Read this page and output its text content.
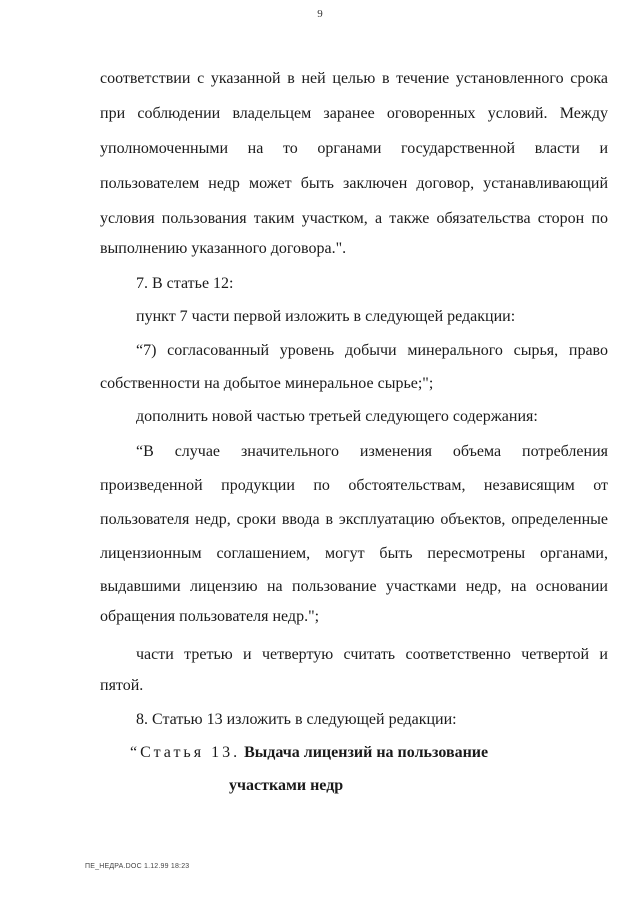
9
соответствии с указанной в ней целью в течение установленного срока
при соблюдении владельцем заранее оговоренных условий. Между
уполномоченными на то органами государственной власти и
пользователем недр может быть заключен договор, устанавливающий
условия пользования таким участком, а также обязательства сторон по
выполнению указанного договора.".
7. В статье 12:
пункт 7 части первой изложить в следующей редакции:
“7) согласованный уровень добычи минерального сырья, право
собственности на добытое минеральное сырье;";
дополнить новой частью третьей следующего содержания:
“В случае значительного изменения объема потребления
произведенной продукции по обстоятельствам, независящим от
пользователя недр, сроки ввода в эксплуатацию объектов, определенные
лицензионным соглашением, могут быть пересмотрены органами,
выдавшими лицензию на пользование участками недр, на основании
обращения пользователя недр.";
части третью и четвертую считать соответственно четвертой и
пятой.
8. Статью 13 изложить в следующей редакции:
“Статья 13. Выдача лицензий на пользование
участками недр
ПЕ_НЕДРА.DOC 1.12.99 18:23
